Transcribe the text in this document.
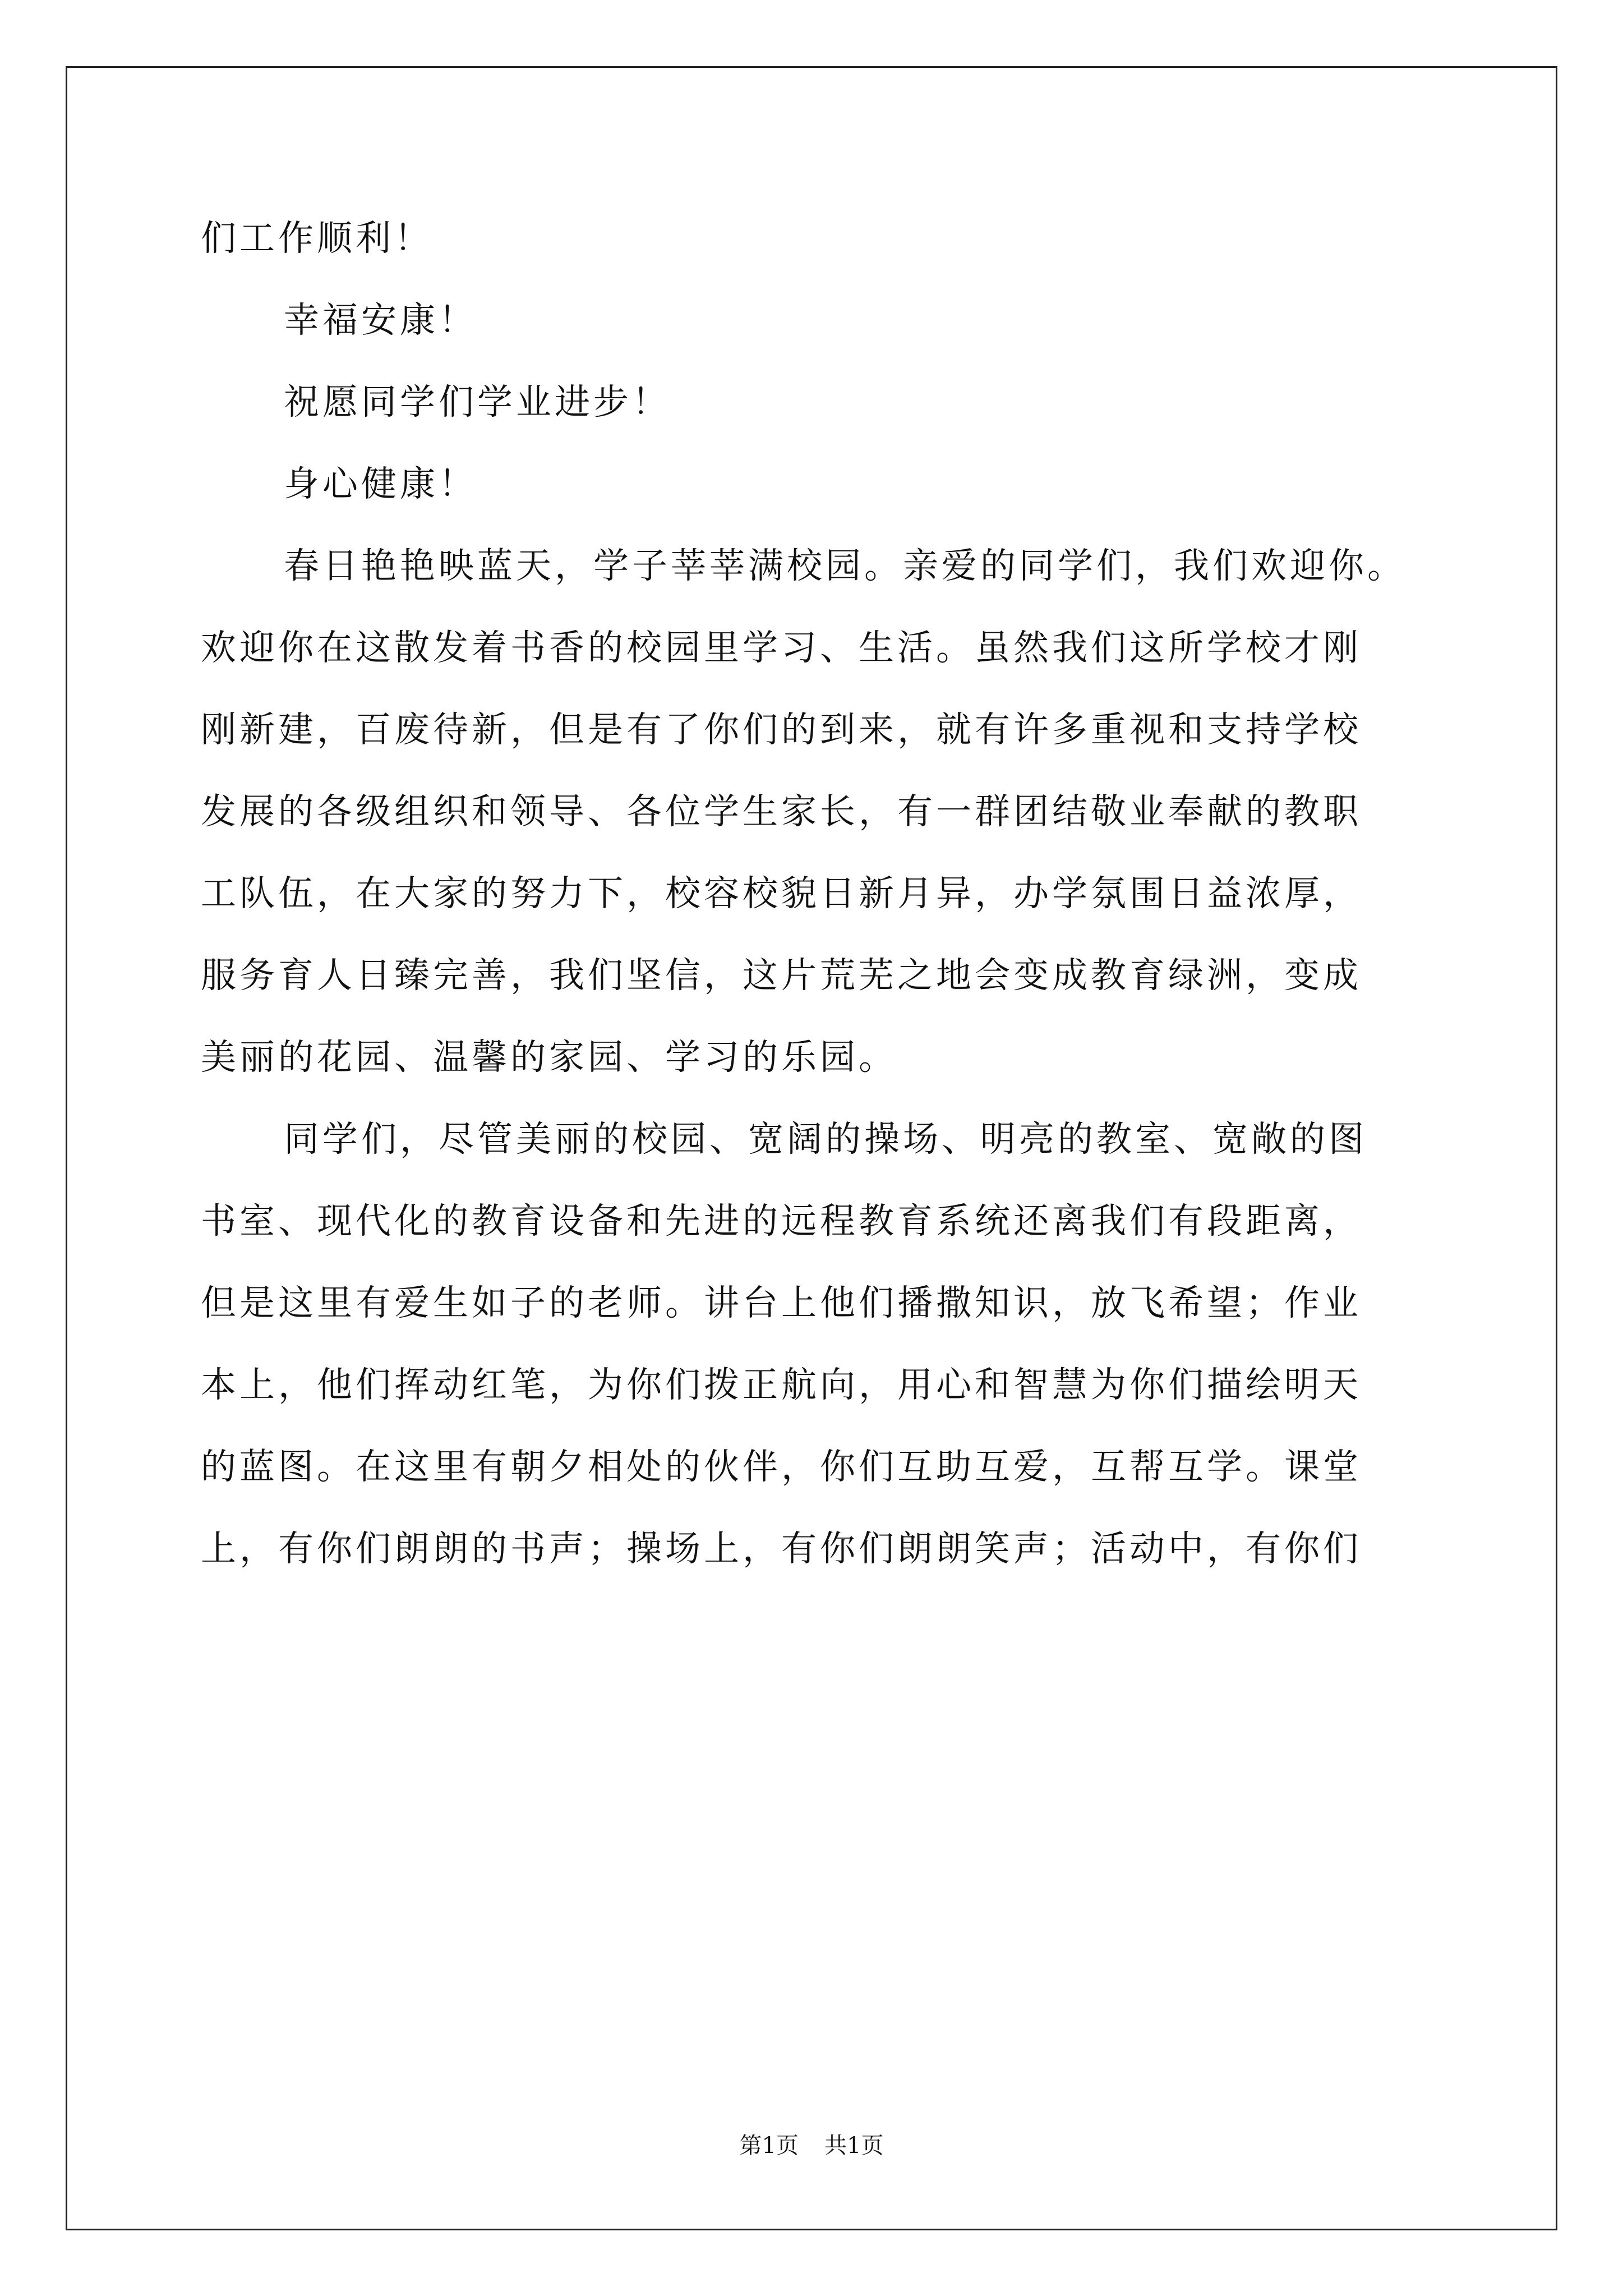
们工作顺利！

幸福安康！

祝愿同学们学业进步！

身心健康！

春日艳艳映蓝天，学子莘莘满校园。亲爱的同学们，我们欢迎你。

欢迎你在这散发着书香的校园里学习、生活。虽然我们这所学校才刚

刚新建，百废待新，但是有了你们的到来，就有许多重视和支持学校

发展的各级组织和领导、各位学生家长，有一群团结敬业奉献的教职

工队伍，在大家的努力下，校容校貌日新月异，办学氛围日益浓厚，

服务育人日臻完善，我们坚信，这片荒芜之地会变成教育绿洲，变成

美丽的花园、温馨的家园、学习的乐园。

同学们，尽管美丽的校园、宽阔的操场、明亮的教室、宽敞的图

书室、现代化的教育设备和先进的远程教育系统还离我们有段距离，

但是这里有爱生如子的老师。讲台上他们播撒知识，放飞希望；作业

本上，他们挥动红笔，为你们拨正航向，用心和智慧为你们描绘明天

的蓝图。在这里有朝夕相处的伙伴，你们互助互爱，互帮互学。课堂

上，有你们朗朗的书声；操场上，有你们朗朗笑声；活动中，有你们

第1页 共1页
